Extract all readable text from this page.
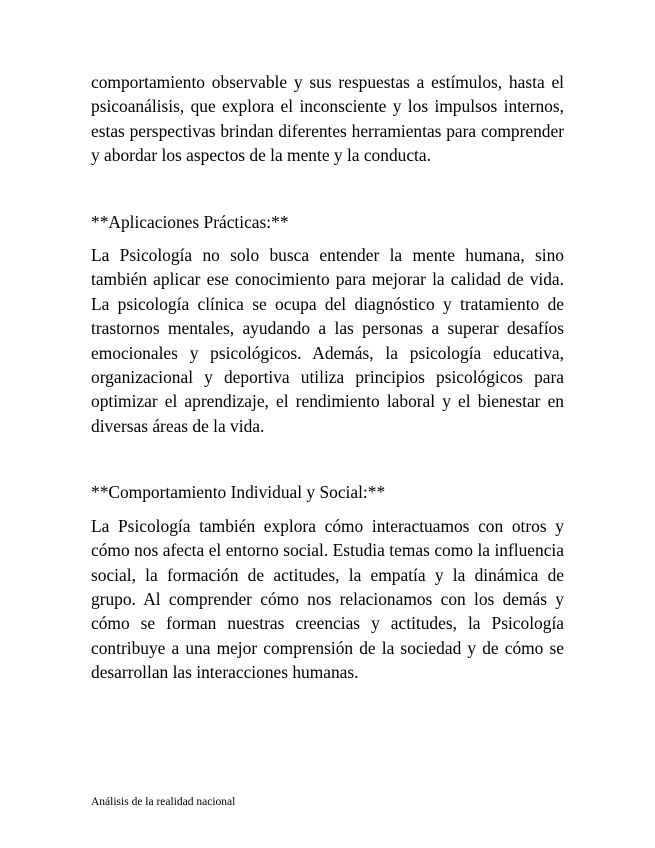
comportamiento observable y sus respuestas a estímulos, hasta el psicoanálisis, que explora el inconsciente y los impulsos internos, estas perspectivas brindan diferentes herramientas para comprender y abordar los aspectos de la mente y la conducta.

**Aplicaciones Prácticas:**

La Psicología no solo busca entender la mente humana, sino también aplicar ese conocimiento para mejorar la calidad de vida. La psicología clínica se ocupa del diagnóstico y tratamiento de trastornos mentales, ayudando a las personas a superar desafíos emocionales y psicológicos. Además, la psicología educativa, organizacional y deportiva utiliza principios psicológicos para optimizar el aprendizaje, el rendimiento laboral y el bienestar en diversas áreas de la vida.

**Comportamiento Individual y Social:**

La Psicología también explora cómo interactuamos con otros y cómo nos afecta el entorno social. Estudia temas como la influencia social, la formación de actitudes, la empatía y la dinámica de grupo. Al comprender cómo nos relacionamos con los demás y cómo se forman nuestras creencias y actitudes, la Psicología contribuye a una mejor comprensión de la sociedad y de cómo se desarrollan las interacciones humanas.

Análisis de la realidad nacional
